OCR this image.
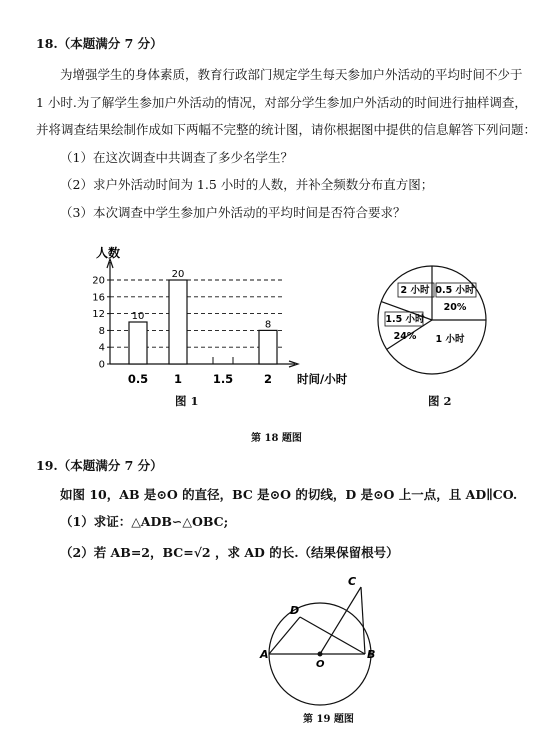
18.（本题满分 7 分）
为增强学生的身体素质，教育行政部门规定学生每天参加户外活动的平均时间不少于
1 小时.为了解学生参加户外活动的情况，对部分学生参加户外活动的时间进行抽样调查，
并将调查结果绘制作成如下两幅不完整的统计图，请你根据图中提供的信息解答下列问题：
（1）在这次调查中共调查了多少名学生？
（2）求户外活动时间为 1.5 小时的人数，并补全频数分布直方图；
（3）本次调查中学生参加户外活动的平均时间是否符合要求？
人数
时间/小时
0
4
8
12
16
20
0.5
10
1
20
1.5	2
8
0.5 小时
20%
1 小时
1.5 小时
24%
2 小时
图 1	图 2
第 18 题图
19.（本题满分 7 分）
如图 10，AB 是⊙O 的直径，BC 是⊙O 的切线，D 是⊙O 上一点，且 AD∥CO.
（1）求证：△ADB∽△OBC;
（2）若 AB=2，BC=√2 ，求 AD 的长.（结果保留根号）
A	B
C
D
O
第 19 题图
